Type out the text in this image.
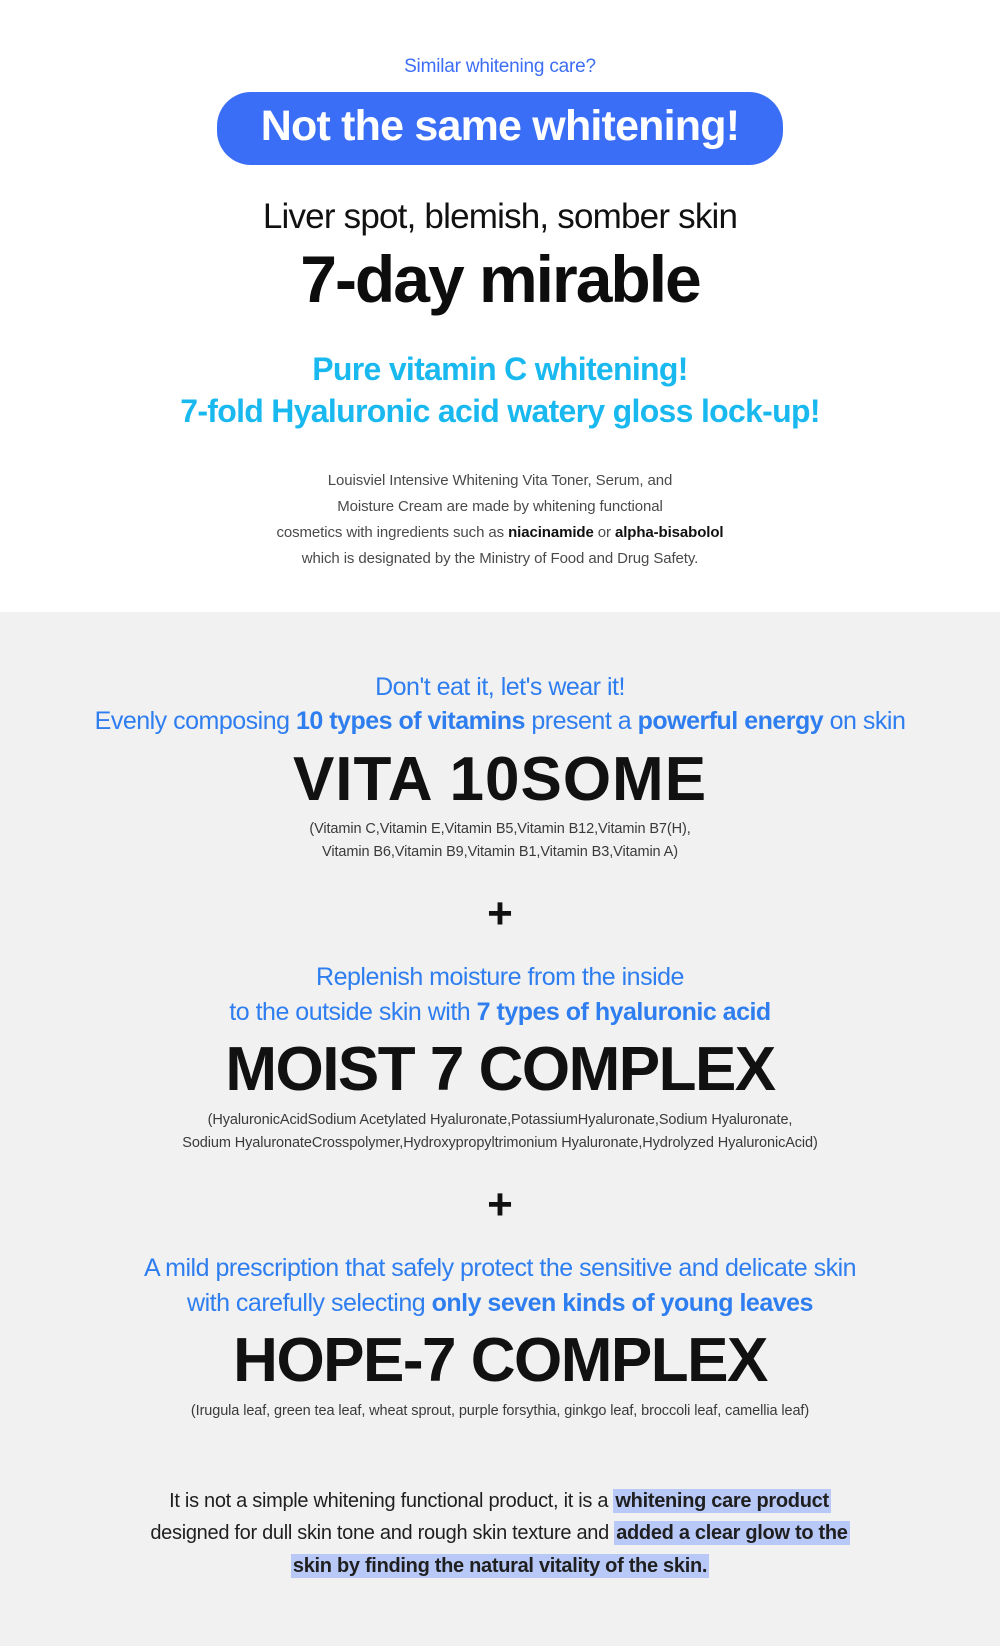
Similar whitening care?
Not the same whitening!
Liver spot, blemish, somber skin
7-day mirable
Pure vitamin C whitening!
7-fold Hyaluronic acid watery gloss lock-up!
Louisviel Intensive Whitening Vita Toner, Serum, and
Moisture Cream are made by whitening functional
cosmetics with ingredients such as niacinamide or alpha-bisabolol
which is designated by the Ministry of Food and Drug Safety.
Don't eat it, let's wear it!
Evenly composing 10 types of vitamins present a powerful energy on skin
VITA 10SOME
(Vitamin C,Vitamin E,Vitamin B5,Vitamin B12,Vitamin B7(H),
Vitamin B6,Vitamin B9,Vitamin B1,Vitamin B3,Vitamin A)
+
Replenish moisture from the inside
to the outside skin with 7 types of hyaluronic acid
MOIST 7 COMPLEX
(HyaluronicAcidSodium Acetylated Hyaluronate,PotassiumHyaluronate,Sodium Hyaluronate,
Sodium HyaluronateCrosspolymer,Hydroxypropyltrimonium Hyaluronate,Hydrolyzed HyaluronicAcid)
+
A mild prescription that safely protect the sensitive and delicate skin
with carefully selecting only seven kinds of young leaves
HOPE-7 COMPLEX
(Irugula leaf, green tea leaf, wheat sprout, purple forsythia, ginkgo leaf, broccoli leaf, camellia leaf)
It is not a simple whitening functional product, it is a whitening care product
designed for dull skin tone and rough skin texture and added a clear glow to the
skin by finding the natural vitality of the skin.
